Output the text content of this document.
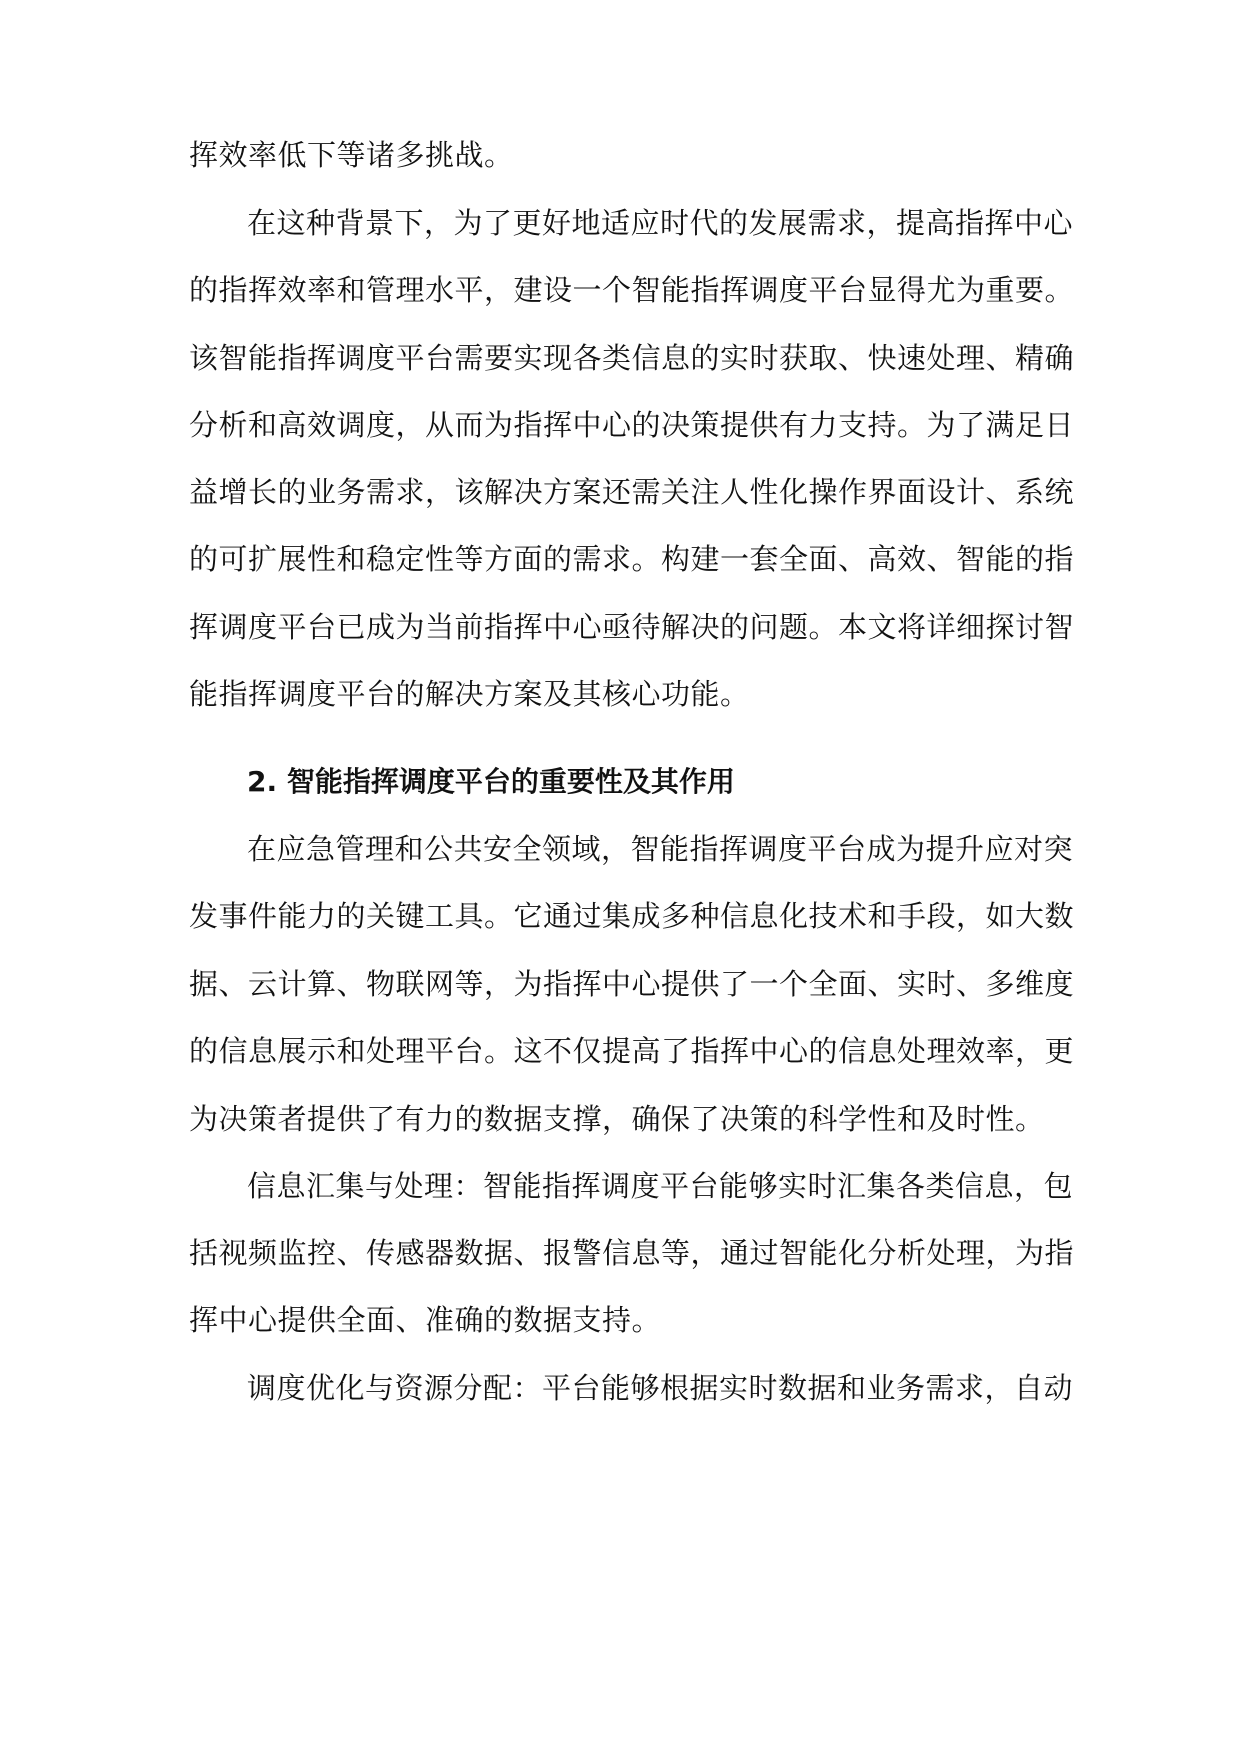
挥效率低下等诸多挑战。
在这种背景下，为了更好地适应时代的发展需求，提高指挥中心
的指挥效率和管理水平，建设一个智能指挥调度平台显得尤为重要。
该智能指挥调度平台需要实现各类信息的实时获取、快速处理、精确
分析和高效调度，从而为指挥中心的决策提供有力支持。为了满足日
益增长的业务需求，该解决方案还需关注人性化操作界面设计、系统
的可扩展性和稳定性等方面的需求。构建一套全面、高效、智能的指
挥调度平台已成为当前指挥中心亟待解决的问题。本文将详细探讨智
能指挥调度平台的解决方案及其核心功能。
2. 智能指挥调度平台的重要性及其作用
在应急管理和公共安全领域，智能指挥调度平台成为提升应对突
发事件能力的关键工具。它通过集成多种信息化技术和手段，如大数
据、云计算、物联网等，为指挥中心提供了一个全面、实时、多维度
的信息展示和处理平台。这不仅提高了指挥中心的信息处理效率，更
为决策者提供了有力的数据支撑，确保了决策的科学性和及时性。
信息汇集与处理：智能指挥调度平台能够实时汇集各类信息，包
括视频监控、传感器数据、报警信息等，通过智能化分析处理，为指
挥中心提供全面、准确的数据支持。
调度优化与资源分配：平台能够根据实时数据和业务需求，自动
